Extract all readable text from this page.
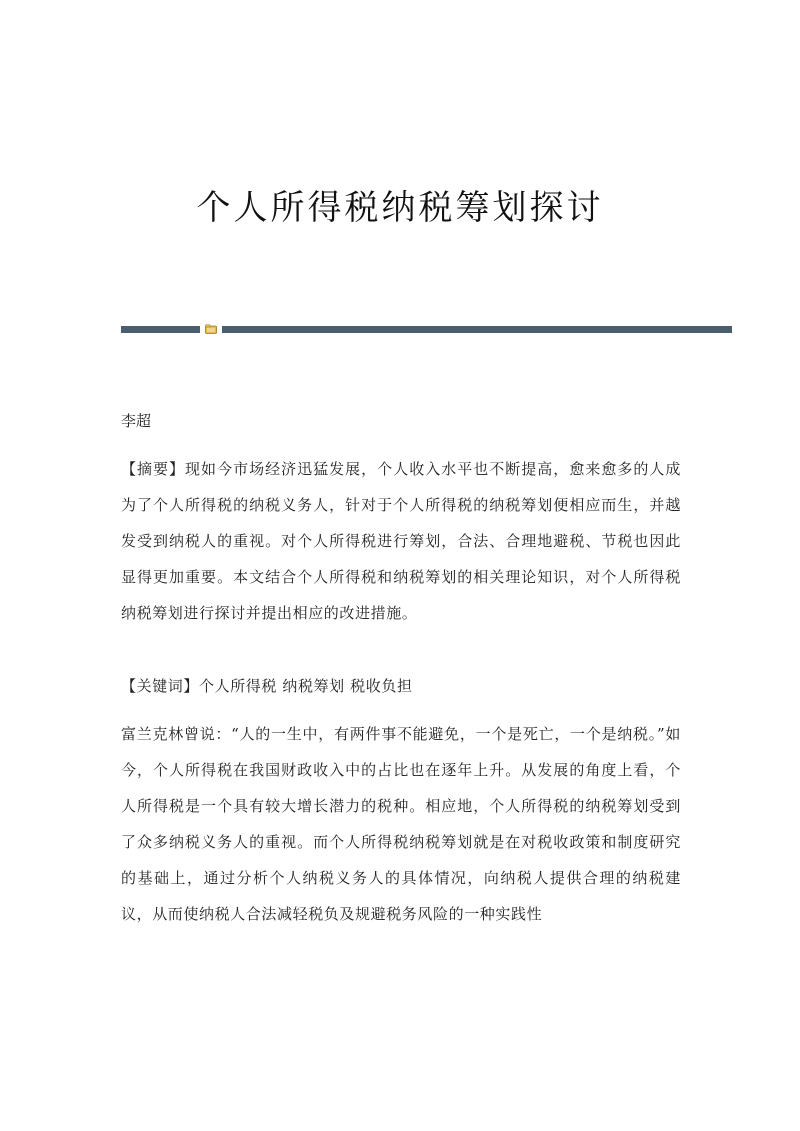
个人所得税纳税筹划探讨
李超

【摘要】现如今市场经济迅猛发展，个人收入水平也不断提高，愈来愈多的人成为了个人所得税的纳税义务人，针对于个人所得税的纳税筹划便相应而生，并越发受到纳税人的重视。对个人所得税进行筹划，合法、合理地避税、节税也因此显得更加重要。本文结合个人所得税和纳税筹划的相关理论知识，对个人所得税纳税筹划进行探讨并提出相应的改进措施。

【关键词】个人所得税 纳税筹划 税收负担

富兰克林曾说：“人的一生中，有两件事不能避免，一个是死亡，一个是纳税。”如今，个人所得税在我国财政收入中的占比也在逐年上升。从发展的角度上看，个人所得税是一个具有较大增长潜力的税种。相应地，个人所得税的纳税筹划受到了众多纳税义务人的重视。而个人所得税纳税筹划就是在对税收政策和制度研究的基础上，通过分析个人纳税义务人的具体情况，向纳税人提供合理的纳税建议，从而使纳税人合法减轻税负及规避税务风险的一种实践性
